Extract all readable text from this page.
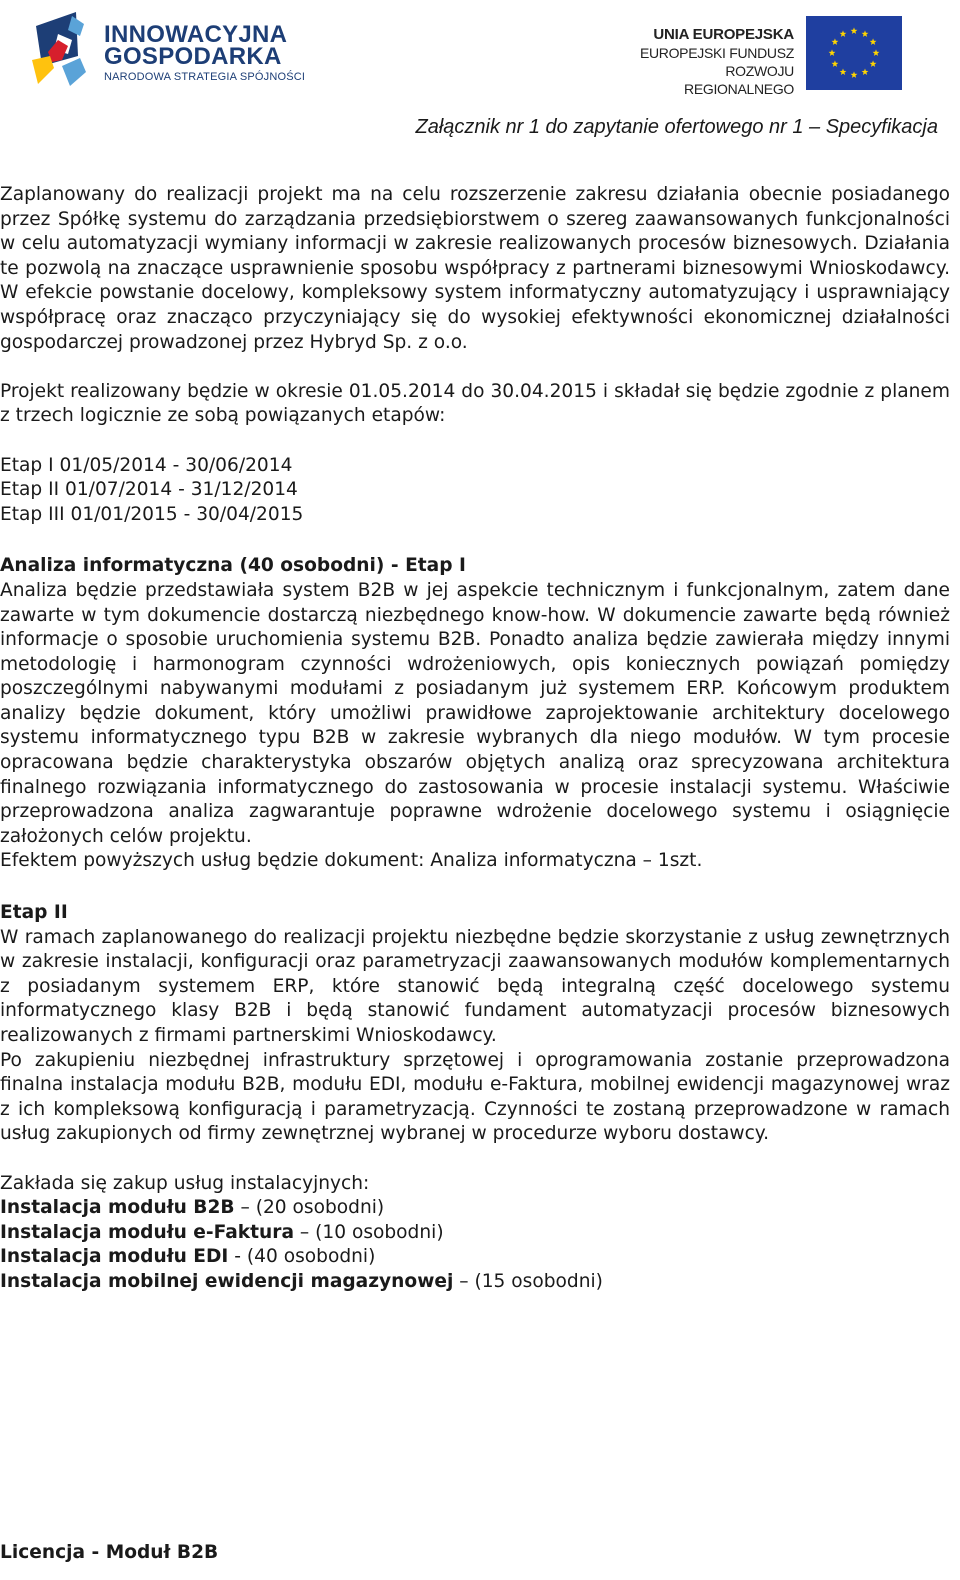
INNOWACYJNA
GOSPODARKA
NARODOWA STRATEGIA SPÓJNOŚCI
UNIA EUROPEJSKA
EUROPEJSKI FUNDUSZ
ROZWOJU REGIONALNEGO
Załącznik nr 1 do zapytanie ofertowego nr 1 – Specyfikacja

Zaplanowany do realizacji projekt ma na celu rozszerzenie zakresu działania obecnie posiadanego przez Spółkę systemu do zarządzania przedsiębiorstwem o szereg zaawansowanych funkcjonalności w celu automatyzacji wymiany informacji w zakresie realizowanych procesów biznesowych. Działania te pozwolą na znaczące usprawnienie sposobu współpracy z partnerami biznesowymi Wnioskodawcy. W efekcie powstanie docelowy, kompleksowy system informatyczny automatyzujący i usprawniający współpracę oraz znacząco przyczyniający się do wysokiej efektywności ekonomicznej działalności gospodarczej prowadzonej przez Hybryd Sp. z o.o.

Projekt realizowany będzie w okresie 01.05.2014 do 30.04.2015 i składał się będzie zgodnie z planem z trzech logicznie ze sobą powiązanych etapów:

Etap I 01/05/2014 - 30/06/2014

Etap II 01/07/2014 - 31/12/2014

Etap III 01/01/2015 - 30/04/2015

Analiza informatyczna (40 osobodni) - Etap I

Analiza będzie przedstawiała system B2B w jej aspekcie technicznym i funkcjonalnym, zatem dane zawarte w tym dokumencie dostarczą niezbędnego know-how. W dokumencie zawarte będą również informacje o sposobie uruchomienia systemu B2B. Ponadto analiza będzie zawierała między innymi metodologię i harmonogram czynności wdrożeniowych, opis koniecznych powiązań pomiędzy poszczególnymi nabywanymi modułami z posiadanym już systemem ERP. Końcowym produktem analizy będzie dokument, który umożliwi prawidłowe zaprojektowanie architektury docelowego systemu informatycznego typu B2B w zakresie wybranych dla niego modułów. W tym procesie opracowana będzie charakterystyka obszarów objętych analizą oraz sprecyzowana architektura finalnego rozwiązania informatycznego do zastosowania w procesie instalacji systemu. Właściwie przeprowadzona analiza zagwarantuje poprawne wdrożenie docelowego systemu i osiągnięcie założonych celów projektu.

Efektem powyższych usług będzie dokument: Analiza informatyczna – 1szt.

Etap II

W ramach zaplanowanego do realizacji projektu niezbędne będzie skorzystanie z usług zewnętrznych w zakresie instalacji, konfiguracji oraz parametryzacji zaawansowanych modułów komplementarnych z posiadanym systemem ERP, które stanowić będą integralną część docelowego systemu informatycznego klasy B2B i będą stanowić fundament automatyzacji procesów biznesowych realizowanych z firmami partnerskimi Wnioskodawcy.

Po zakupieniu niezbędnej infrastruktury sprzętowej i oprogramowania zostanie przeprowadzona finalna instalacja modułu B2B, modułu EDI, modułu e-Faktura, mobilnej ewidencji magazynowej wraz z ich kompleksową konfiguracją i parametryzacją. Czynności te zostaną przeprowadzone w ramach usług zakupionych od firmy zewnętrznej wybranej w procedurze wyboru dostawcy.

Zakłada się zakup usług instalacyjnych:

Instalacja modułu B2B – (20 osobodni)

Instalacja modułu e-Faktura – (10 osobodni)

Instalacja modułu EDI - (40 osobodni)

Instalacja mobilnej ewidencji magazynowej – (15 osobodni)

Licencja - Moduł B2B
